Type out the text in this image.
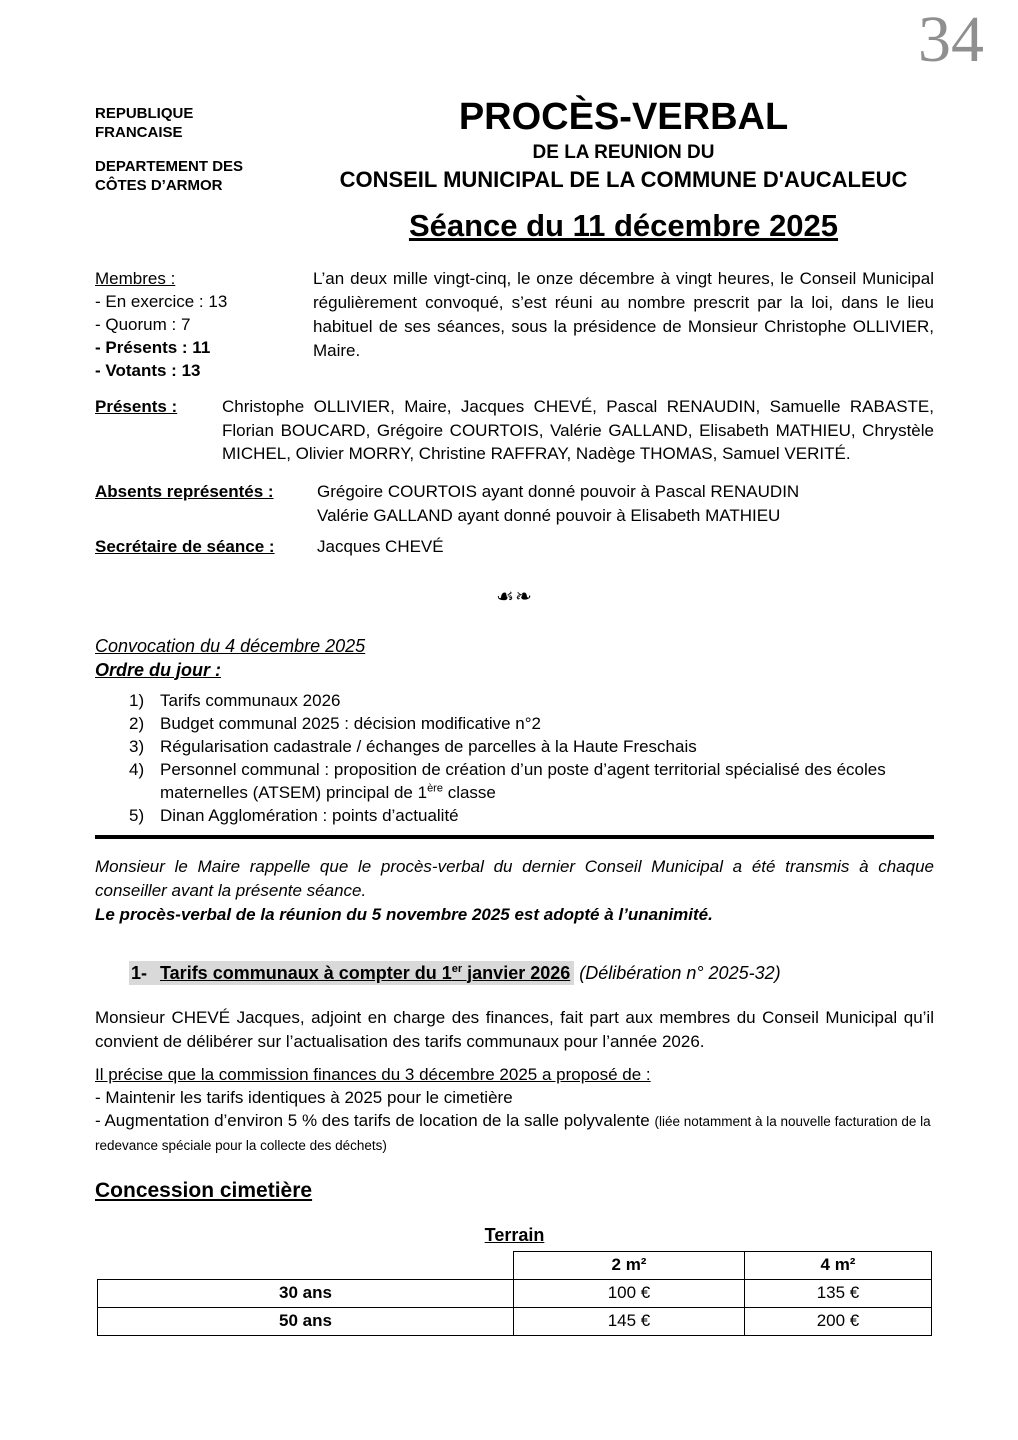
34
REPUBLIQUE
FRANCAISE
DEPARTEMENT DES
CÔTES D’ARMOR
PROCÈS-VERBAL
DE LA REUNION DU
CONSEIL MUNICIPAL DE LA COMMUNE D'AUCALEUC
Séance du 11 décembre 2025
Membres :
- En exercice : 13
- Quorum : 7
- Présents : 11
- Votants : 13
L’an deux mille vingt-cinq, le onze décembre à vingt heures, le Conseil Municipal régulièrement convoqué, s’est réuni au nombre prescrit par la loi, dans le lieu habituel de ses séances, sous la présidence de Monsieur Christophe OLLIVIER, Maire.
Présents :	Christophe OLLIVIER, Maire, Jacques CHEVÉ, Pascal RENAUDIN, Samuelle RABASTE, Florian BOUCARD, Grégoire COURTOIS, Valérie GALLAND, Elisabeth MATHIEU, Chrystèle MICHEL, Olivier MORRY, Christine RAFFRAY, Nadège THOMAS, Samuel VERITÉ.
Absents représentés :	Grégoire COURTOIS ayant donné pouvoir à Pascal RENAUDIN
Valérie GALLAND ayant donné pouvoir à Elisabeth MATHIEU
Secrétaire de séance :	Jacques CHEVÉ
☙❧
Convocation du 4 décembre 2025
Ordre du jour :
1) Tarifs communaux 2026
2) Budget communal 2025 : décision modificative n°2
3) Régularisation cadastrale / échanges de parcelles à la Haute Freschais
4) Personnel communal : proposition de création d’un poste d’agent territorial spécialisé des écoles maternelles (ATSEM) principal de 1ère classe
5) Dinan Agglomération : points d’actualité

Monsieur le Maire rappelle que le procès-verbal du dernier Conseil Municipal a été transmis à chaque conseiller avant la présente séance.

Le procès-verbal de la réunion du 5 novembre 2025 est adopté à l’unanimité.

1- Tarifs communaux à compter du 1er janvier 2026 (Délibération n° 2025-32)

Monsieur CHEVÉ Jacques, adjoint en charge des finances, fait part aux membres du Conseil Municipal qu’il convient de délibérer sur l’actualisation des tarifs communaux pour l’année 2026.

Il précise que la commission finances du 3 décembre 2025 a proposé de :
- Maintenir les tarifs identiques à 2025 pour le cimetière
- Augmentation d’environ 5 % des tarifs de location de la salle polyvalente (liée notamment à la nouvelle facturation de la redevance spéciale pour la collecte des déchets)
Concession cimetière
Terrain
	2 m²	4 m²
30 ans	100 €	135 €
50 ans	145 €	200 €
